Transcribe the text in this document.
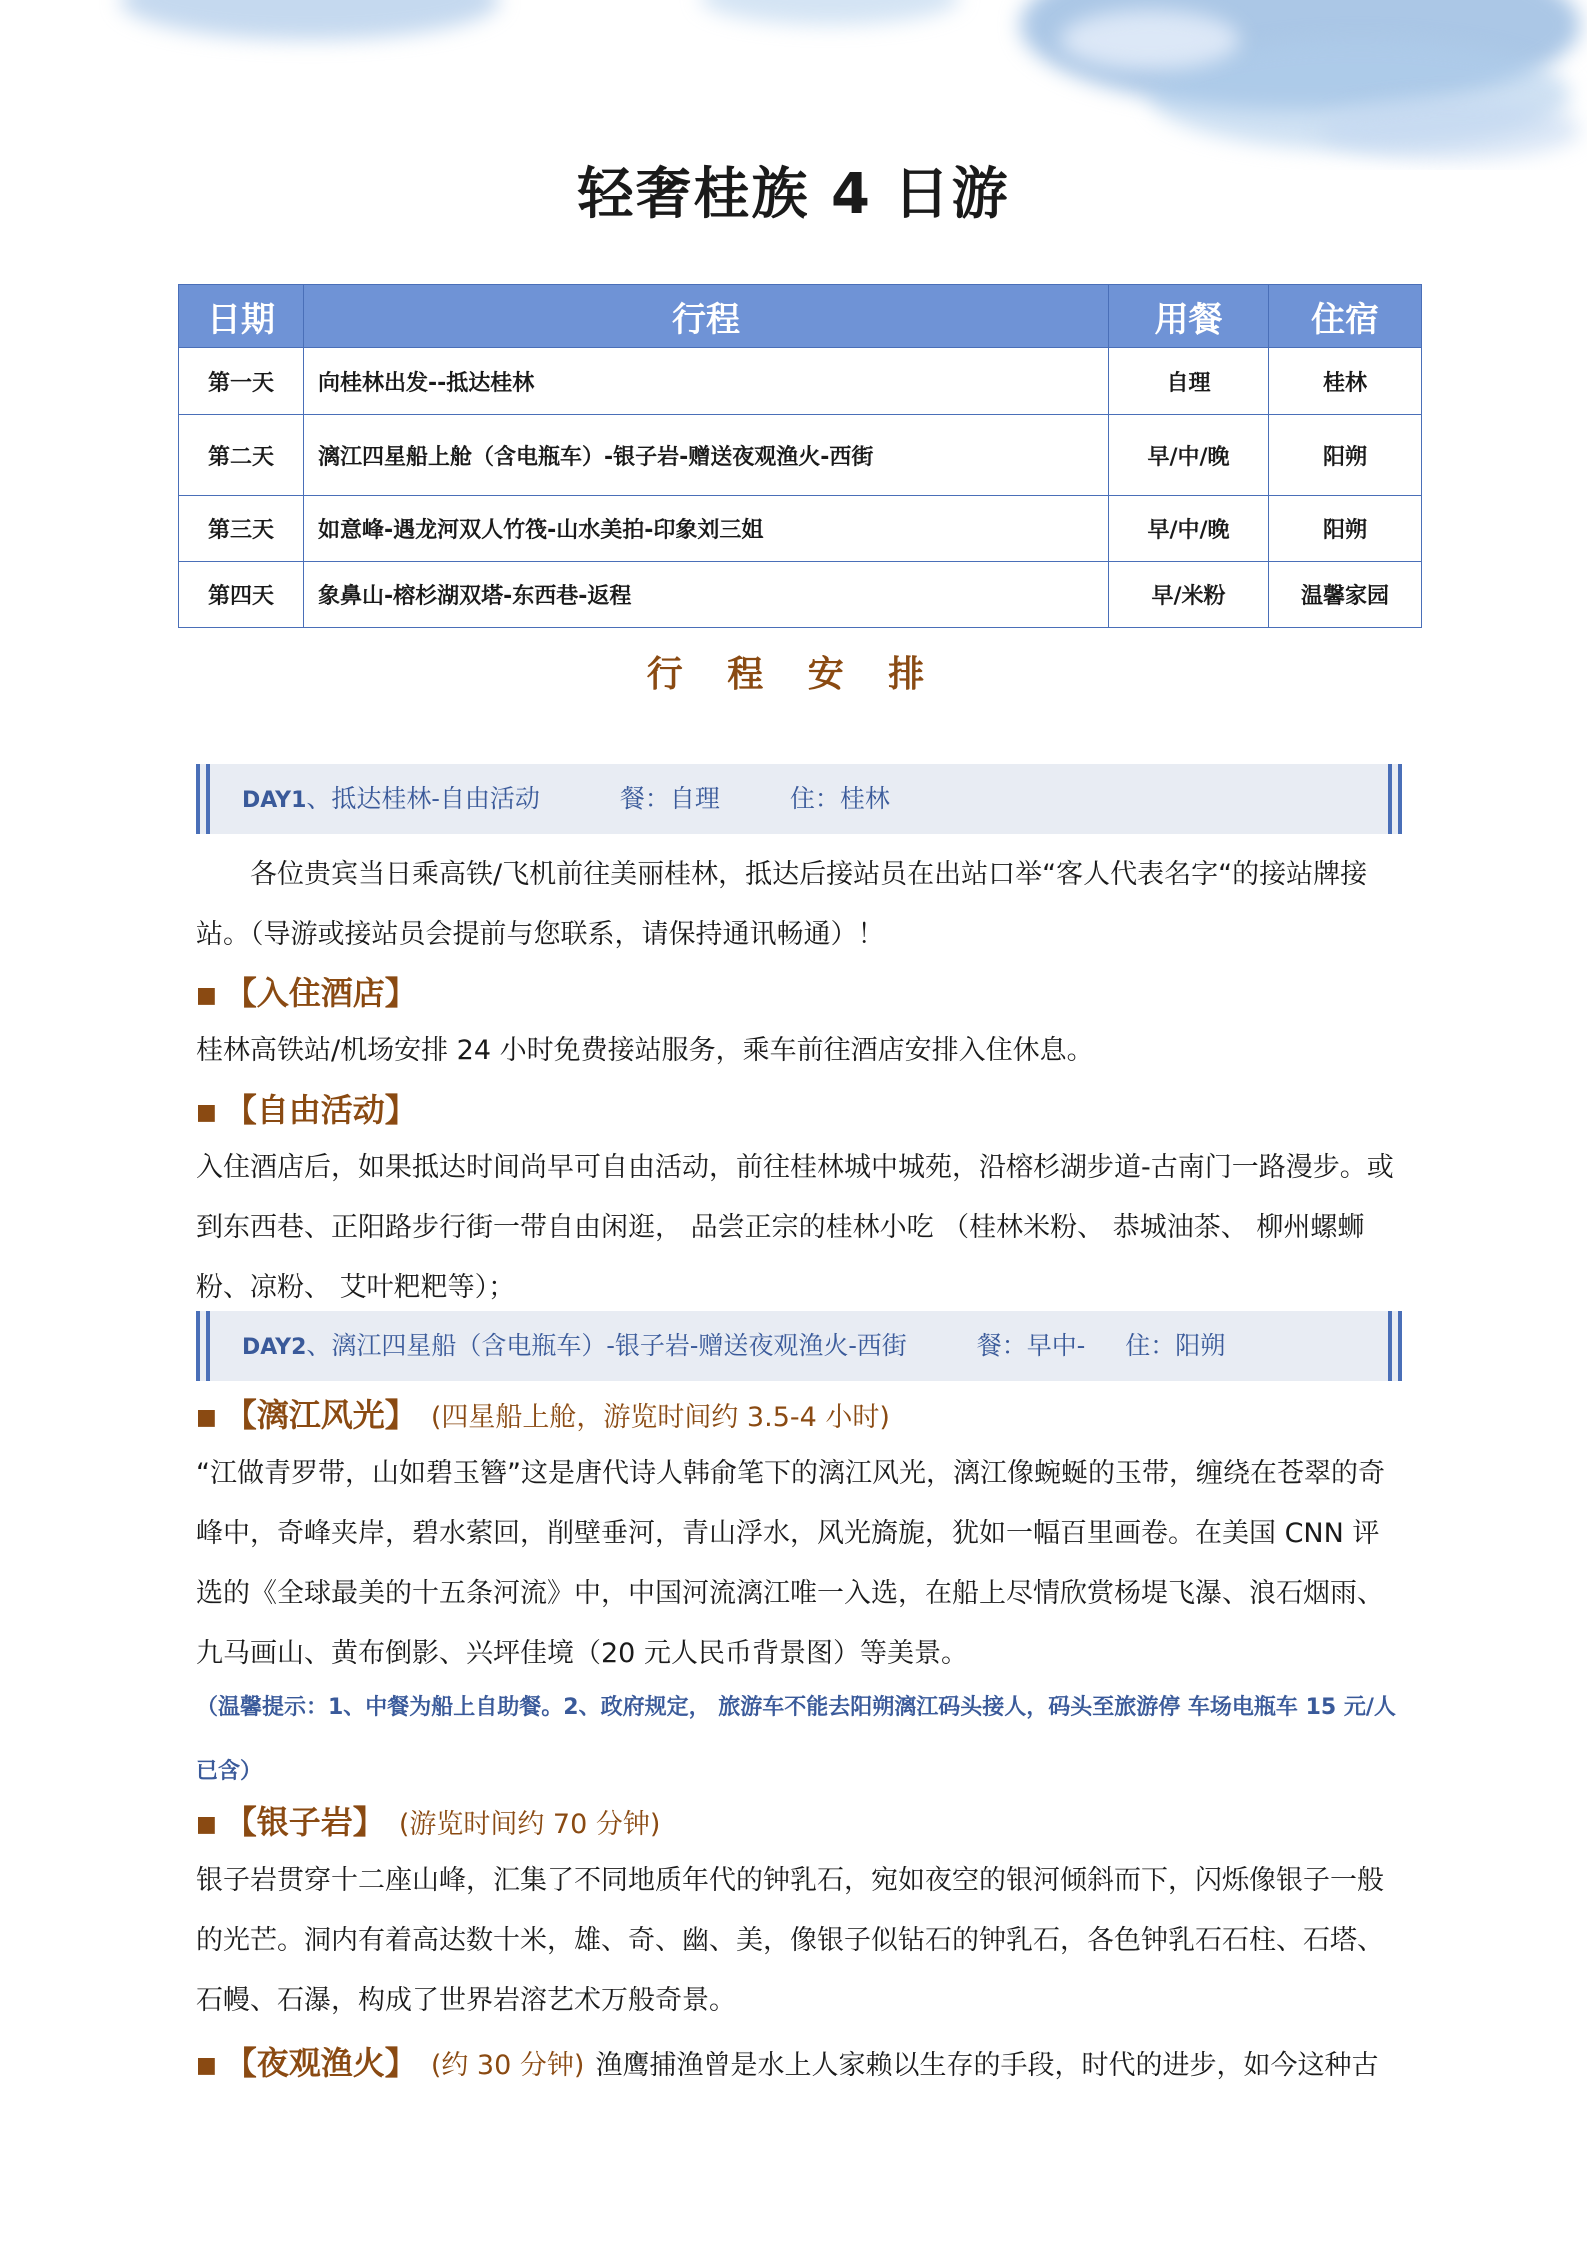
轻奢桂族 4 日游
日期	行程	用餐	住宿
第一天	向桂林出发--抵达桂林	自理	桂林
第二天	漓江四星船上舱（含电瓶车）-银子岩-赠送夜观渔火-西街	早/中/晚	阳朔
第三天	如意峰-遇龙河双人竹筏-山水美拍-印象刘三姐	早/中/晚	阳朔
第四天	象鼻山-榕杉湖双塔-东西巷-返程	早/米粉	温馨家园
行 程 安 排
DAY1、抵达桂林-自由活动	餐：自理	住：桂林
各位贵宾当日乘高铁/飞机前往美丽桂林，抵达后接站员在出站口举“客人代表名字“的接站牌接站。（导游或接站员会提前与您联系，请保持通讯畅通）！
■ 【入住酒店】
桂林高铁站/机场安排 24 小时免费接站服务，乘车前往酒店安排入住休息。
■ 【自由活动】
入住酒店后，如果抵达时间尚早可自由活动，前往桂林城中城苑，沿榕杉湖步道-古南门一路漫步。或到东西巷、正阳路步行街一带自由闲逛， 品尝正宗的桂林小吃 （桂林米粉、 恭城油茶、 柳州螺蛳粉、凉粉、 艾叶粑粑等）；
DAY2、漓江四星船（含电瓶车）-银子岩-赠送夜观渔火-西街	餐：早中- 住：阳朔
■ 【漓江风光】 (四星船上舱，游览时间约 3.5-4 小时)
“江做青罗带，山如碧玉簪”这是唐代诗人韩俞笔下的漓江风光，漓江像蜿蜒的玉带，缠绕在苍翠的奇峰中，奇峰夹岸，碧水萦回，削壁垂河，青山浮水，风光旖旎，犹如一幅百里画卷。在美国 CNN 评选的《全球最美的十五条河流》中，中国河流漓江唯一入选，在船上尽情欣赏杨堤飞瀑、浪石烟雨、九马画山、黄布倒影、兴坪佳境（20 元人民币背景图）等美景。
（温馨提示：1、中餐为船上自助餐。2、政府规定， 旅游车不能去阳朔漓江码头接人，码头至旅游停 车场电瓶车 15 元/人已含）
■ 【银子岩】 (游览时间约 70 分钟)
银子岩贯穿十二座山峰，汇集了不同地质年代的钟乳石，宛如夜空的银河倾斜而下，闪烁像银子一般的光芒。洞内有着高达数十米，雄、奇、幽、美，像银子似钻石的钟乳石，各色钟乳石石柱、石塔、石幔、石瀑，构成了世界岩溶艺术万般奇景。
■ 【夜观渔火】 (约 30 分钟) 渔鹰捕渔曾是水上人家赖以生存的手段，时代的进步，如今这种古
